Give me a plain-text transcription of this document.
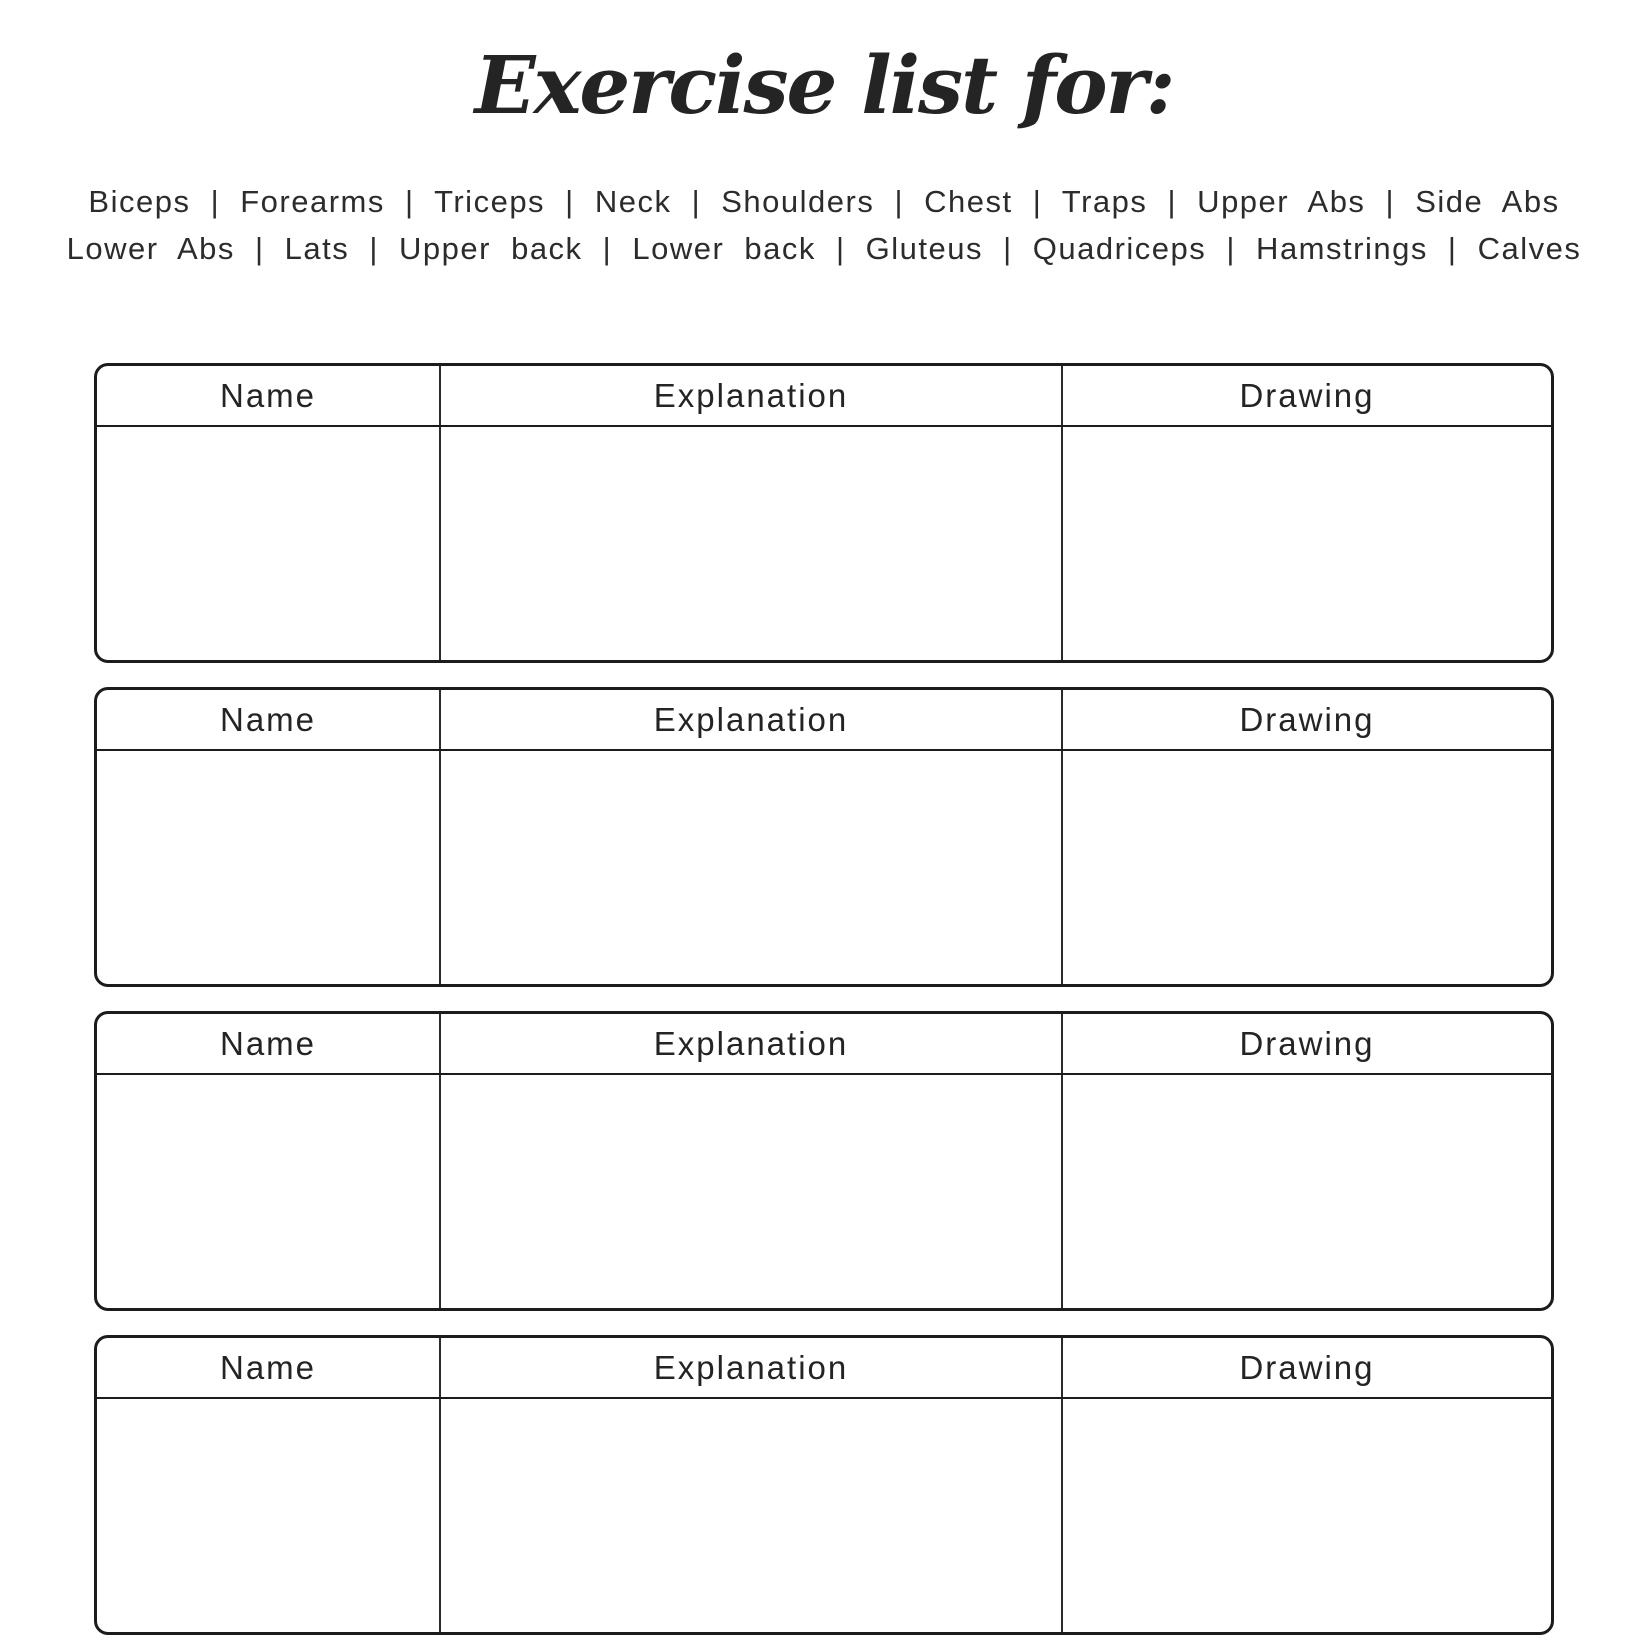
Exercise list for:
Biceps | Forearms | Triceps | Neck | Shoulders | Chest | Traps | Upper Abs | Side Abs
Lower Abs | Lats | Upper back | Lower back | Gluteus | Quadriceps | Hamstrings | Calves
Name	Explanation	Drawing
Name	Explanation	Drawing
Name	Explanation	Drawing
Name	Explanation	Drawing
